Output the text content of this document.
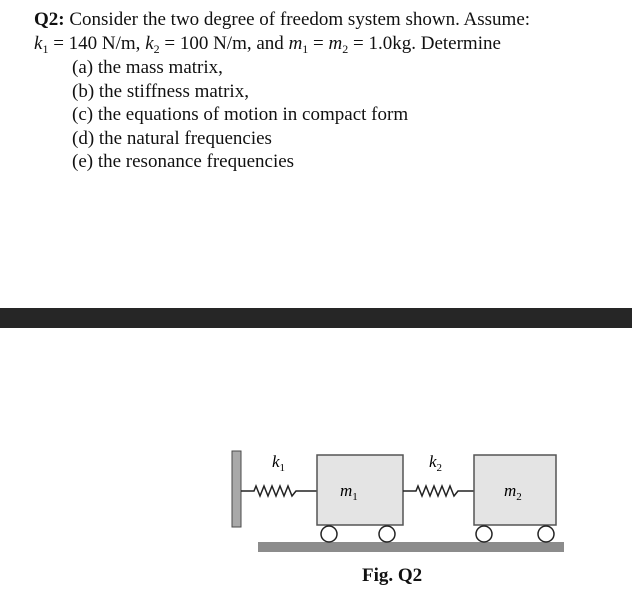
Q2: Consider the two degree of freedom system shown. Assume:
$k_1 = 140$ N/m, $k_2 = 100$ N/m, and $m_1 = m_2 = 1.0kg$. Determine
(a) the mass matrix,
(b) the stiffness matrix,
(c) the equations of motion in compact form
(d) the natural frequencies
(e) the resonance frequencies
$k_1$	$k_2$
$m_1$	$m_2$
Fig. Q2
